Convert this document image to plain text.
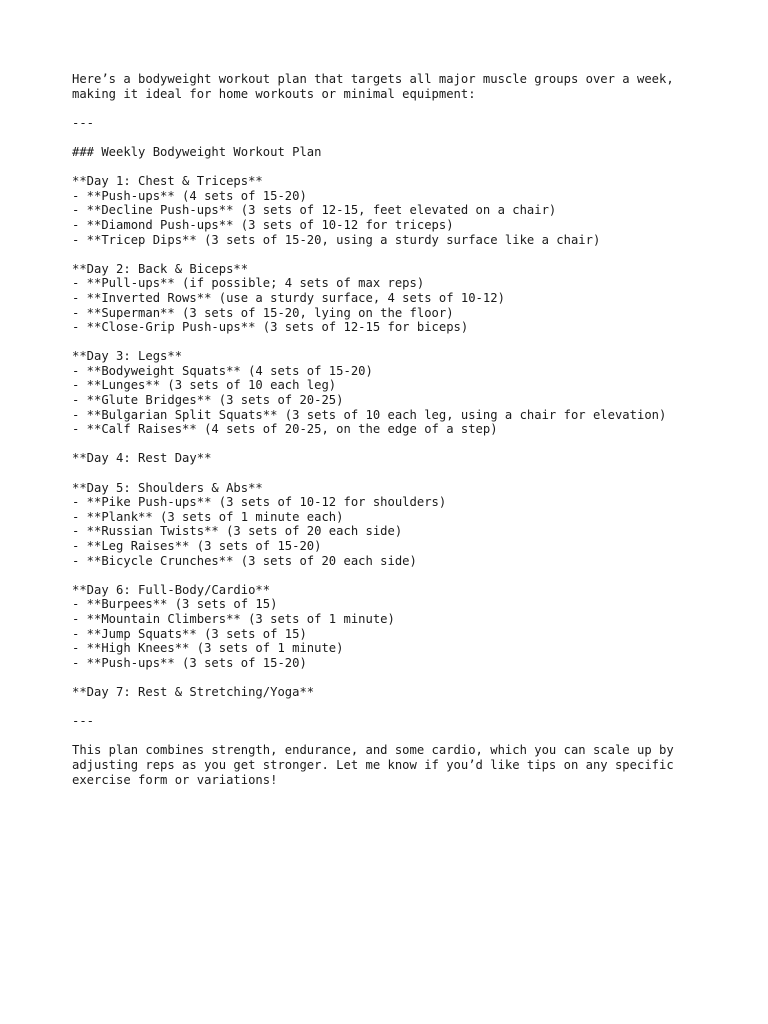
Here’s a bodyweight workout plan that targets all major muscle groups over a week,
making it ideal for home workouts or minimal equipment:
---
### Weekly Bodyweight Workout Plan
**Day 1: Chest & Triceps**
- **Push-ups** (4 sets of 15-20)
- **Decline Push-ups** (3 sets of 12-15, feet elevated on a chair)
- **Diamond Push-ups** (3 sets of 10-12 for triceps)
- **Tricep Dips** (3 sets of 15-20, using a sturdy surface like a chair)
**Day 2: Back & Biceps**
- **Pull-ups** (if possible; 4 sets of max reps)
- **Inverted Rows** (use a sturdy surface, 4 sets of 10-12)
- **Superman** (3 sets of 15-20, lying on the floor)
- **Close-Grip Push-ups** (3 sets of 12-15 for biceps)
**Day 3: Legs**
- **Bodyweight Squats** (4 sets of 15-20)
- **Lunges** (3 sets of 10 each leg)
- **Glute Bridges** (3 sets of 20-25)
- **Bulgarian Split Squats** (3 sets of 10 each leg, using a chair for elevation)
- **Calf Raises** (4 sets of 20-25, on the edge of a step)
**Day 4: Rest Day**
**Day 5: Shoulders & Abs**
- **Pike Push-ups** (3 sets of 10-12 for shoulders)
- **Plank** (3 sets of 1 minute each)
- **Russian Twists** (3 sets of 20 each side)
- **Leg Raises** (3 sets of 15-20)
- **Bicycle Crunches** (3 sets of 20 each side)
**Day 6: Full-Body/Cardio**
- **Burpees** (3 sets of 15)
- **Mountain Climbers** (3 sets of 1 minute)
- **Jump Squats** (3 sets of 15)
- **High Knees** (3 sets of 1 minute)
- **Push-ups** (3 sets of 15-20)
**Day 7: Rest & Stretching/Yoga**
---
This plan combines strength, endurance, and some cardio, which you can scale up by
adjusting reps as you get stronger. Let me know if you’d like tips on any specific
exercise form or variations!
